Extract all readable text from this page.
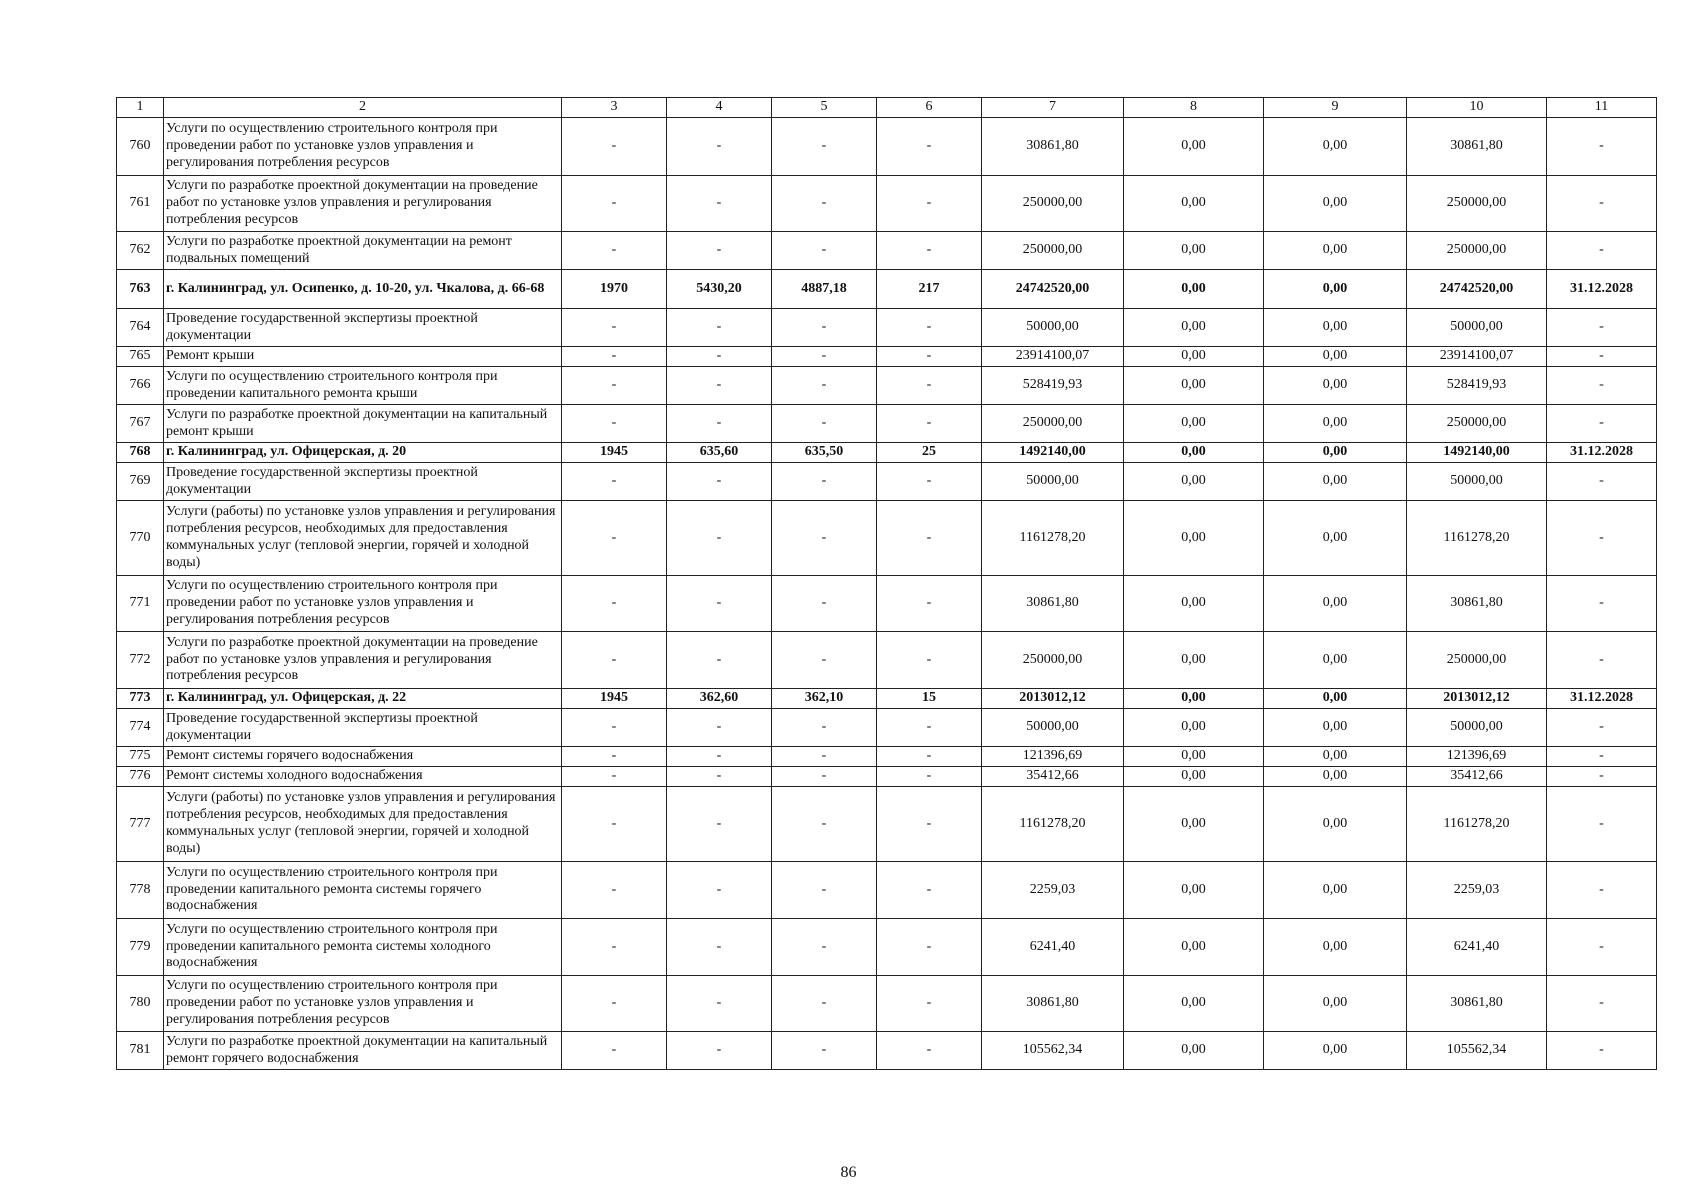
1	2	3	4	5	6	7	8	9	10	11
760	Услуги по осуществлению строительного контроля при проведении работ по установке узлов управления и регулирования потребления ресурсов	-	-	-	-	30861,80	0,00	0,00	30861,80	-
761	Услуги по разработке проектной документации на проведение работ по установке узлов управления и регулирования потребления ресурсов	-	-	-	-	250000,00	0,00	0,00	250000,00	-
762	Услуги по разработке проектной документации на ремонт подвальных помещений	-	-	-	-	250000,00	0,00	0,00	250000,00	-
763	г. Калининград, ул. Осипенко, д. 10-20, ул. Чкалова, д. 66-68	1970	5430,20	4887,18	217	24742520,00	0,00	0,00	24742520,00	31.12.2028
764	Проведение государственной экспертизы проектной документации	-	-	-	-	50000,00	0,00	0,00	50000,00	-
765	Ремонт крыши	-	-	-	-	23914100,07	0,00	0,00	23914100,07	-
766	Услуги по осуществлению строительного контроля при проведении капитального ремонта крыши	-	-	-	-	528419,93	0,00	0,00	528419,93	-
767	Услуги по разработке проектной документации на капитальный ремонт крыши	-	-	-	-	250000,00	0,00	0,00	250000,00	-
768	г. Калининград, ул. Офицерская, д. 20	1945	635,60	635,50	25	1492140,00	0,00	0,00	1492140,00	31.12.2028
769	Проведение государственной экспертизы проектной документации	-	-	-	-	50000,00	0,00	0,00	50000,00	-
770	Услуги (работы) по установке узлов управления и регулирования потребления ресурсов, необходимых для предоставления коммунальных услуг (тепловой энергии, горячей и холодной воды)	-	-	-	-	1161278,20	0,00	0,00	1161278,20	-
771	Услуги по осуществлению строительного контроля при проведении работ по установке узлов управления и регулирования потребления ресурсов	-	-	-	-	30861,80	0,00	0,00	30861,80	-
772	Услуги по разработке проектной документации на проведение работ по установке узлов управления и регулирования потребления ресурсов	-	-	-	-	250000,00	0,00	0,00	250000,00	-
773	г. Калининград, ул. Офицерская, д. 22	1945	362,60	362,10	15	2013012,12	0,00	0,00	2013012,12	31.12.2028
774	Проведение государственной экспертизы проектной документации	-	-	-	-	50000,00	0,00	0,00	50000,00	-
775	Ремонт системы горячего водоснабжения	-	-	-	-	121396,69	0,00	0,00	121396,69	-
776	Ремонт системы холодного водоснабжения	-	-	-	-	35412,66	0,00	0,00	35412,66	-
777	Услуги (работы) по установке узлов управления и регулирования потребления ресурсов, необходимых для предоставления коммунальных услуг (тепловой энергии, горячей и холодной воды)	-	-	-	-	1161278,20	0,00	0,00	1161278,20	-
778	Услуги по осуществлению строительного контроля при проведении капитального ремонта системы горячего водоснабжения	-	-	-	-	2259,03	0,00	0,00	2259,03	-
779	Услуги по осуществлению строительного контроля при проведении капитального ремонта системы холодного водоснабжения	-	-	-	-	6241,40	0,00	0,00	6241,40	-
780	Услуги по осуществлению строительного контроля при проведении работ по установке узлов управления и регулирования потребления ресурсов	-	-	-	-	30861,80	0,00	0,00	30861,80	-
781	Услуги по разработке проектной документации на капитальный ремонт горячего водоснабжения	-	-	-	-	105562,34	0,00	0,00	105562,34	-
86
